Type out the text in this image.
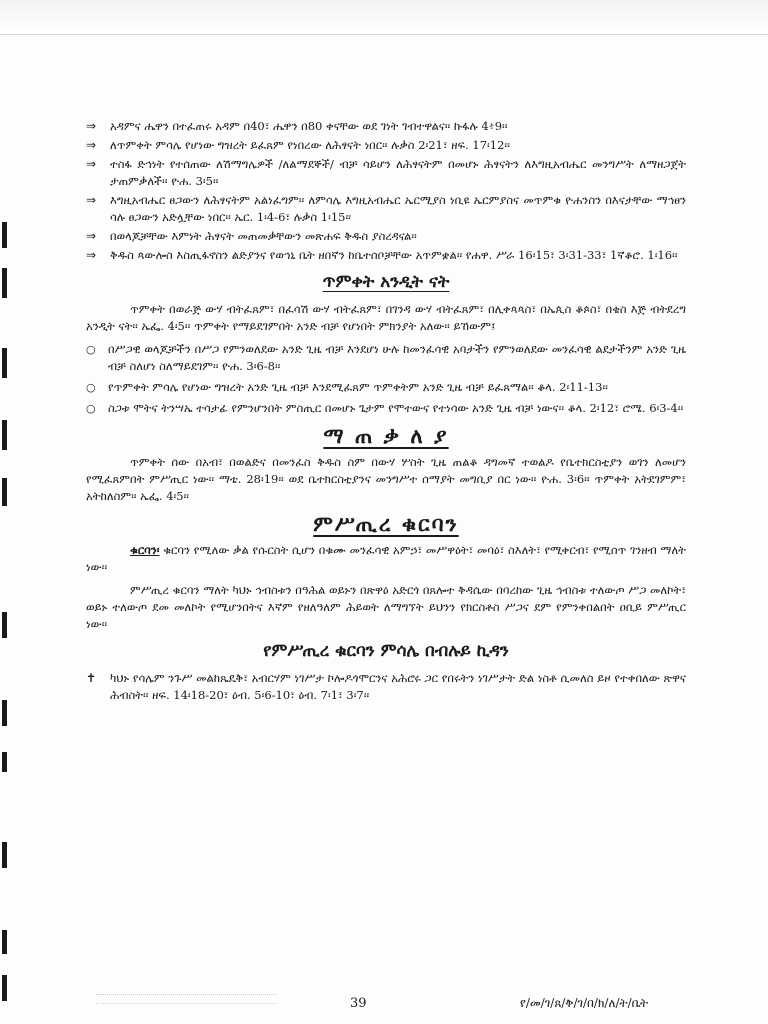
⇒	አዳምና ሔዋን በተፈጠሩ አዳም በ40፣ ሔዋን በ80 ቀናቸው ወደ ገነት ገብተዋልና፡፡ ኩፋሉ 4፥9፡፡
⇒	ለጥምቀት ምሳሌ የሆነው ግዝረት ይፈጸም የነበረው ለሕፃናት ነበር፡፡ ሉቃስ 2፡21፣ ዘፍ. 17፡12፡፡
⇒	ተስፋ ድኅነት የተሰጠው ለሽማግሌዎች /ለልማደኞች/ ብቻ ሳይሆን ለሕፃናትም በመሆኑ ሕፃናትን ለእግዚአብሔር መንግሥት ለማዘጋጀት ታጠምቃለች፡፡ ዮሐ. 3፡5፡፡
⇒	እግዚአብሔር ፀጋውን ለሕፃናትም አልነፈግም፡፡ ለምሳሌ እግዚአብሔር ኤርሚያስ ነቢዩ ኤርምያስና መጥምቁ ዮሐንስን በእናታቸው ማኅፀን ሳሉ ፀጋውን አድሏቸው ነበር፡፡ ኤር. 1፡4-6፣ ሉቃስ 1፡15፡፡
⇒	በወላጆቻቸው እምነት ሕፃናት መጠመቃቸውን መጽሐፍ ቅዱስ ያስረዳናል፡፡
⇒	ቅዱስ ጳውሎስ እስጢፋኖስን ልድያንና የወኅኒ ቤት ዘበኛን ከቤተሰቦቻቸው አጥምቋል፡፡ የሐዋ. ሥራ 16፡15፣ 3፡31-33፣ 1ኛቆሮ. 1፡16፡፡
ጥምቀት አንዲት ናት

ጥምቀት በወራጅ ውሃ ብትፈጸም፣ በፈሳሽ ውሃ ብትፈጸም፣ በገንዳ ውሃ ብትፈጸም፣ በሊቀጳጳስ፣ በኤጲስ ቆጶስ፣ በቄስ እጅ ብትደረግ አንዲት ናት፡፡ ኤፌ. 4፡5፡፡ ጥምቀት የማይደገምበት አንድ ብቻ የሆነበት ምክንያት አለው፡፡ ይኸውም፤

○	በሥጋዊ ወላጆቻችን በሥጋ የምንወለደው አንድ ጊዜ ብቻ እንደሆነ ሁሉ ከመንፈሳዊ አባታችን የምንወለደው መንፈሳዊ ልደታችንም አንድ ጊዜ ብቻ ስለሆነ ስለማይደገም፡፡ ዮሐ. 3፡6-8፡፡
○	የጥምቀት ምሳሌ የሆነው ግዝረት አንድ ጊዜ ብቻ እንደሚፈጸም ጥምቀትም አንድ ጊዜ ብቻ ይፈጸማል፡፡ ቆላ. 2፡11-13፡፡
○	ስጋቱ ሞትና ትንሣኤ ተሳታፊ የምንሆንበት ምስጢር በመሆኑ ጌታም የሞተውና የተነሳው አንድ ጊዜ ብቻ ነውና፡፡ ቆላ. 2፡12፣ ሮሜ. 6፡3-4፡፡
ማ ጠ ቃ ለ ያ

ጥምቀት ሰው በአብ፣ በወልድና በመንፈስ ቅዱስ ስም በውሃ ሦስት ጊዜ ጠልቆ ዳግመኛ ተወልዶ የቤተክርስቲያን ወገን ለመሆን የሚፈጸምበት ምሥጢር ነው፡፡ ማቴ. 28፡19፡፡ ወደ ቤተክርስቲያንና መንግሥተ ሰማያት መግቢያ በር ነው፡፡ ዮሐ. 3፡6፡፡ ጥምቀት አትደገምም፣ አትከለስም፡፡ ኤፌ. 4፡5፡፡

ምሥጢረ ቁርባን

ቁርባን፡ ቁርባን የሚለው ቃል የሱርስት ሲሆን በቁሙ መንፈሳዊ አምኃ፣ መሥዋዕት፣ መባዕ፣ ስእለት፣ የሚቀርብ፣ የሚሰጥ ገንዘብ ማለት ነው፡፡

ምሥጢረ ቁርባን ማለት ካህኑ ኅብስቱን በዓሕል ወይኑን በጽዋዕ አድርጎ በጸሎተ ቅዳሴው በባረከው ጊዜ ኅብስቱ ተለውጦ ሥጋ መለኮት፣ ወይኑ ተለውጦ ደመ መለኮት የሚሆንበትና እኛም የዘለዓለም ሕይወት ለማግኘት ይህንን የክርስቶስ ሥጋና ደም የምንቀበልበት ዐቢይ ምሥጢር ነው፡፡

የምሥጢረ ቁርባን ምሳሌ በብሉይ ኪዳን
✝	ካህኑ የሳሌም ንጉሥ መልከጼዴቅ፣ አብርሃም ነገሥታ ኮሎዶጎሞርንና አሕሮሩ ጋር የበሩትን ነገሥታት ድል ነስቶ ሲመለስ ይዞ የተቀበለው ጽዋና ሕብስት፡፡ ዘፍ. 14፡18-20፣ ዕብ. 5፡6-10፣ ዕብ. 7፡1፣ 3፡7፡፡
39	የ/መ/ገ/ጸ/ቅ/ገ/በ/ክ/ለ/ት/ቤት
